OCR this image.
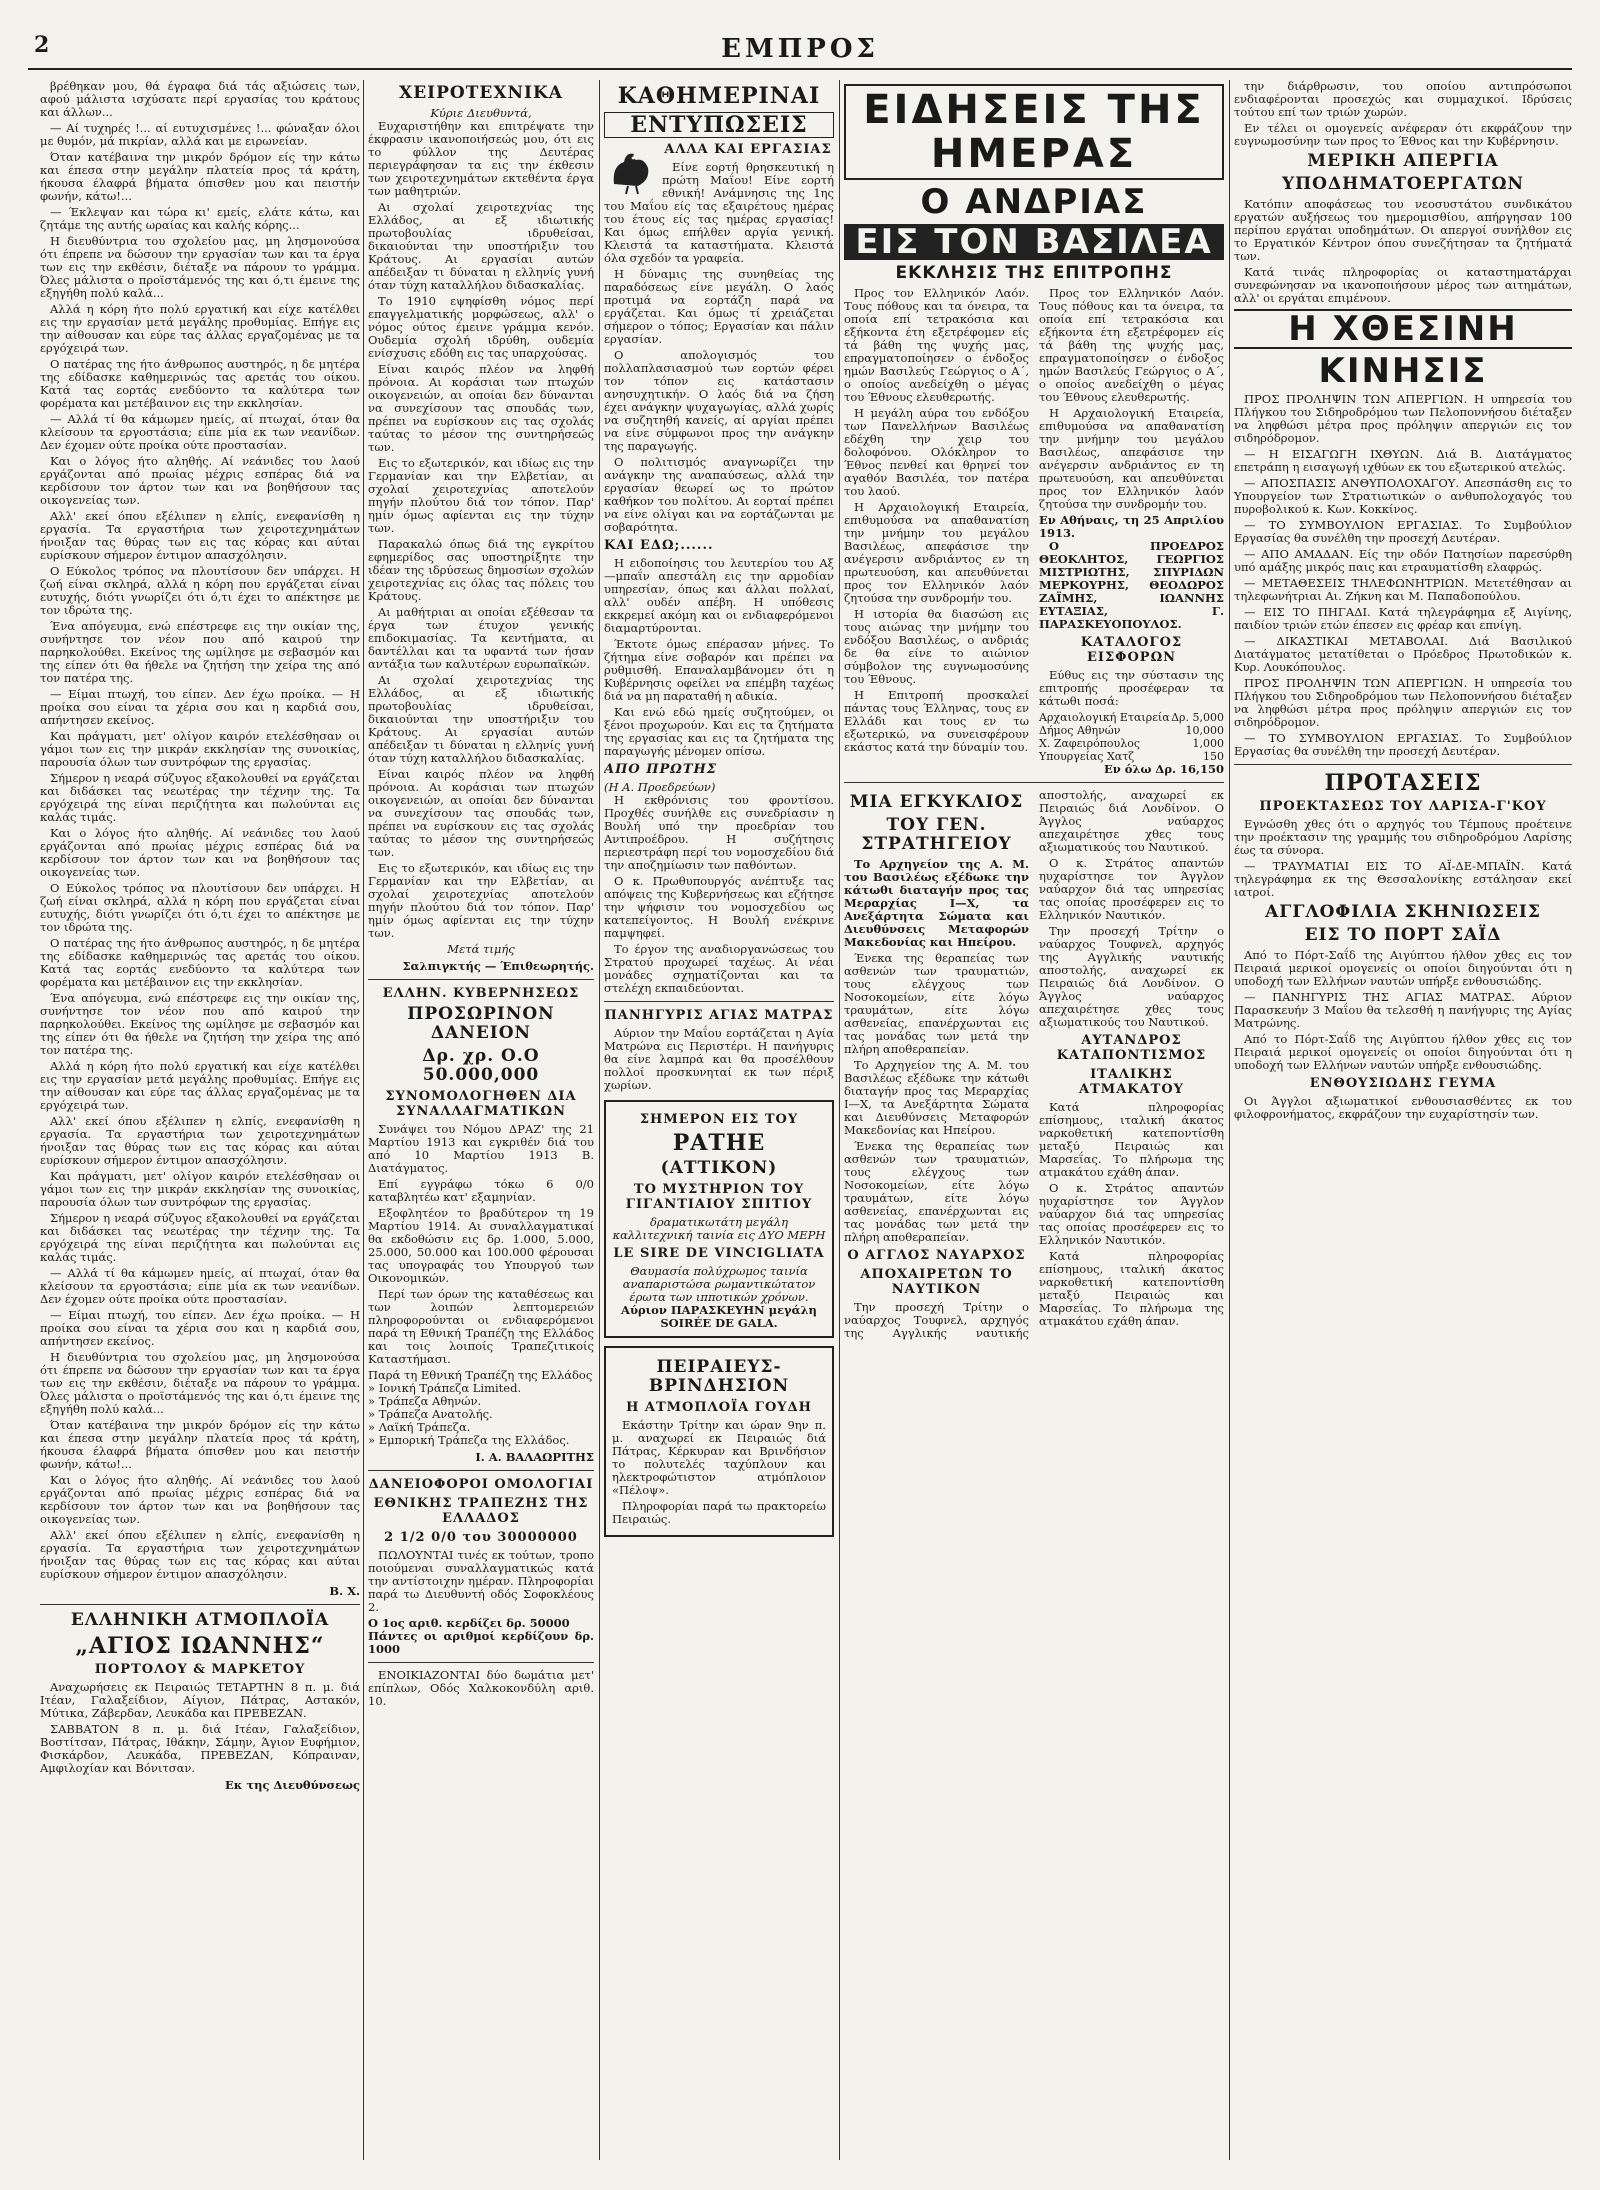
2	ΕΜΠΡΟΣ

βρέθηκαν μου, θά έγραφα διά τάς αξιώσεις των, αφού μάλιστα ισχύσατε περί εργασίας του κράτους και άλλων...

— Αί τυχηρές !... αί ευτυχισμένες !... φώναξαν όλοι με θυμόν, μά πικρίαν, αλλά και με ειρωνείαν.

Όταν κατέβαινα την μικρόν δρόμον είς την κάτω και έπεσα στην μεγάλην πλατεία προς τά κράτη, ήκουσα έλαφρά βήματα όπισθεν μου και πειστήν φωνήν, κάτω!...

— Έκλεψαν και τώρα κι' εμείς, ελάτε κάτω, και ζητάμε της αυτής ωραίας και καλής κόρης...

Η διευθύντρια του σχολείου μας, μη λησμονούσα ότι έπρεπε να δώσουν την εργασίαν των και τα έργα των εις την εκθέσιν, διέταξε να πάρουν το γράμμα. Όλες μάλιστα ο προϊστάμενός της και ό,τι έμεινε της εξηγήθη πολύ καλά...

Αλλά η κόρη ήτο πολύ εργατική και είχε κατέλθει εις την εργασίαν μετά μεγάλης προθυμίας. Επήγε εις την αίθουσαν και εύρε τας άλλας εργαζομένας με τα εργόχειρά των.

Ο πατέρας της ήτο άνθρωπος αυστηρός, η δε μητέρα της εδίδασκε καθημερινώς τας αρετάς του οίκου. Κατά τας εορτάς ενεδύοντο τα καλύτερα των φορέματα και μετέβαινον εις την εκκλησίαν.

— Αλλά τί θα κάμωμεν ημείς, αί πτωχαί, όταν θα κλείσουν τα εργοστάσια; είπε μία εκ των νεανίδων. Δεν έχομεν ούτε προίκα ούτε προστασίαν.

Και ο λόγος ήτο αληθής. Αί νεάνιδες του λαού εργάζονται από πρωίας μέχρις εσπέρας διά να κερδίσουν τον άρτον των και να βοηθήσουν τας οικογενείας των.

Αλλ' εκεί όπου εξέλιπεν η ελπίς, ενεφανίσθη η εργασία. Τα εργαστήρια των χειροτεχνημάτων ήνοιξαν τας θύρας των εις τας κόρας και αύται ευρίσκουν σήμερον έντιμον απασχόλησιν.

Ο Εύκολος τρόπος να πλουτίσουν δεν υπάρχει. Η ζωή είναι σκληρά, αλλά η κόρη που εργάζεται είναι ευτυχής, διότι γνωρίζει ότι ό,τι έχει το απέκτησε με τον ιδρώτα της.

Ένα απόγευμα, ενώ επέστρεφε εις την οικίαν της, συνήντησε τον νέον που από καιρού την παρηκολούθει. Εκείνος της ωμίλησε με σεβασμόν και της είπεν ότι θα ήθελε να ζητήση την χείρα της από τον πατέρα της.

— Είμαι πτωχή, του είπεν. Δεν έχω προίκα. — Η προίκα σου είναι τα χέρια σου και η καρδιά σου, απήντησεν εκείνος.

Και πράγματι, μετ' ολίγον καιρόν ετελέσθησαν οι γάμοι των εις την μικράν εκκλησίαν της συνοικίας, παρουσία όλων των συντρόφων της εργασίας.

Σήμερον η νεαρά σύζυγος εξακολουθεί να εργάζεται και διδάσκει τας νεωτέρας την τέχνην της. Τα εργόχειρά της είναι περιζήτητα και πωλούνται εις καλάς τιμάς.

Και ο λόγος ήτο αληθής. Αί νεάνιδες του λαού εργάζονται από πρωίας μέχρις εσπέρας διά να κερδίσουν τον άρτον των και να βοηθήσουν τας οικογενείας των.

Ο Εύκολος τρόπος να πλουτίσουν δεν υπάρχει. Η ζωή είναι σκληρά, αλλά η κόρη που εργάζεται είναι ευτυχής, διότι γνωρίζει ότι ό,τι έχει το απέκτησε με τον ιδρώτα της.

Ο πατέρας της ήτο άνθρωπος αυστηρός, η δε μητέρα της εδίδασκε καθημερινώς τας αρετάς του οίκου. Κατά τας εορτάς ενεδύοντο τα καλύτερα των φορέματα και μετέβαινον εις την εκκλησίαν.

Ένα απόγευμα, ενώ επέστρεφε εις την οικίαν της, συνήντησε τον νέον που από καιρού την παρηκολούθει. Εκείνος της ωμίλησε με σεβασμόν και της είπεν ότι θα ήθελε να ζητήση την χείρα της από τον πατέρα της.

Αλλά η κόρη ήτο πολύ εργατική και είχε κατέλθει εις την εργασίαν μετά μεγάλης προθυμίας. Επήγε εις την αίθουσαν και εύρε τας άλλας εργαζομένας με τα εργόχειρά των.

Αλλ' εκεί όπου εξέλιπεν η ελπίς, ενεφανίσθη η εργασία. Τα εργαστήρια των χειροτεχνημάτων ήνοιξαν τας θύρας των εις τας κόρας και αύται ευρίσκουν σήμερον έντιμον απασχόλησιν.

Και πράγματι, μετ' ολίγον καιρόν ετελέσθησαν οι γάμοι των εις την μικράν εκκλησίαν της συνοικίας, παρουσία όλων των συντρόφων της εργασίας.

Σήμερον η νεαρά σύζυγος εξακολουθεί να εργάζεται και διδάσκει τας νεωτέρας την τέχνην της. Τα εργόχειρά της είναι περιζήτητα και πωλούνται εις καλάς τιμάς.

— Αλλά τί θα κάμωμεν ημείς, αί πτωχαί, όταν θα κλείσουν τα εργοστάσια; είπε μία εκ των νεανίδων. Δεν έχομεν ούτε προίκα ούτε προστασίαν.

— Είμαι πτωχή, του είπεν. Δεν έχω προίκα. — Η προίκα σου είναι τα χέρια σου και η καρδιά σου, απήντησεν εκείνος.

Η διευθύντρια του σχολείου μας, μη λησμονούσα ότι έπρεπε να δώσουν την εργασίαν των και τα έργα των εις την εκθέσιν, διέταξε να πάρουν το γράμμα. Όλες μάλιστα ο προϊστάμενός της και ό,τι έμεινε της εξηγήθη πολύ καλά...

Όταν κατέβαινα την μικρόν δρόμον είς την κάτω και έπεσα στην μεγάλην πλατεία προς τά κράτη, ήκουσα έλαφρά βήματα όπισθεν μου και πειστήν φωνήν, κάτω!...

Και ο λόγος ήτο αληθής. Αί νεάνιδες του λαού εργάζονται από πρωίας μέχρις εσπέρας διά να κερδίσουν τον άρτον των και να βοηθήσουν τας οικογενείας των.

Αλλ' εκεί όπου εξέλιπεν η ελπίς, ενεφανίσθη η εργασία. Τα εργαστήρια των χειροτεχνημάτων ήνοιξαν τας θύρας των εις τας κόρας και αύται ευρίσκουν σήμερον έντιμον απασχόλησιν.

Β. Χ.
ΕΛΛΗΝΙΚΗ ΑΤΜΟΠΛΟΪΑ
„ΑΓΙΟΣ ΙΩΑΝΝΗΣ“
ΠΟΡΤΟΛΟΥ & ΜΑΡΚΕΤΟΥ

Αναχωρήσεις εκ Πειραιώς ΤΕΤΑΡΤΗΝ 8 π. μ. διά Ιτέαν, Γαλαξείδιον, Αίγιον, Πάτρας, Αστακόν, Μύτικα, Ζάβερδαν, Λευκάδα και ΠΡΕΒΕΖΑΝ.

ΣΑΒΒΑΤΟΝ 8 π. μ. διά Ιτέαν, Γαλαξείδιον, Βοστίτσαν, Πάτρας, Ιθάκην, Σάμην, Άγιον Ευφήμιον, Φισκάρδον, Λευκάδα, ΠΡΕΒΕΖΑΝ, Κόπραιναν, Αμφιλοχίαν και Βόνιτσαν.

Εκ της Διευθύνσεως
ΧΕΙΡΟΤΕΧΝΙΚΑ
Κύριε Διευθυντά,

Ευχαριστήθην και επιτρέψατε την έκφρασιν ικανοποιήσεώς μου, ότι εις το φύλλον της Δευτέρας περιεγράφησαν τα εις την έκθεσιν των χειροτεχνημάτων εκτεθέντα έργα των μαθητριών.

Αι σχολαί χειροτεχνίας της Ελλάδος, αι εξ ιδιωτικής πρωτοβουλίας ιδρυθείσαι, δικαιούνται την υποστήριξιν του Κράτους. Αι εργασίαι αυτών απέδειξαν τι δύναται η ελληνίς γυνή όταν τύχη καταλλήλου διδασκαλίας.

Το 1910 εψηφίσθη νόμος περί επαγγελματικής μορφώσεως, αλλ' ο νόμος ούτος έμεινε γράμμα κενόν. Ουδεμία σχολή ιδρύθη, ουδεμία ενίσχυσις εδόθη εις τας υπαρχούσας.

Είναι καιρός πλέον να ληφθή πρόνοια. Αι κοράσιαι των πτωχών οικογενειών, αι οποίαι δεν δύνανται να συνεχίσουν τας σπουδάς των, πρέπει να ευρίσκουν εις τας σχολάς ταύτας το μέσον της συντηρήσεώς των.

Εις το εξωτερικόν, και ιδίως εις την Γερμανίαν και την Ελβετίαν, αι σχολαί χειροτεχνίας αποτελούν πηγήν πλούτου διά τον τόπον. Παρ' ημίν όμως αφίενται εις την τύχην των.

Παρακαλώ όπως διά της εγκρίτου εφημερίδος σας υποστηρίξητε την ιδέαν της ιδρύσεως δημοσίων σχολών χειροτεχνίας εις όλας τας πόλεις του Κράτους.

Αι μαθήτριαι αι οποίαι εξέθεσαν τα έργα των έτυχον γενικής επιδοκιμασίας. Τα κεντήματα, αι δαντέλλαι και τα υφαντά των ήσαν αντάξια των καλυτέρων ευρωπαϊκών.

Αι σχολαί χειροτεχνίας της Ελλάδος, αι εξ ιδιωτικής πρωτοβουλίας ιδρυθείσαι, δικαιούνται την υποστήριξιν του Κράτους. Αι εργασίαι αυτών απέδειξαν τι δύναται η ελληνίς γυνή όταν τύχη καταλλήλου διδασκαλίας.

Είναι καιρός πλέον να ληφθή πρόνοια. Αι κοράσιαι των πτωχών οικογενειών, αι οποίαι δεν δύνανται να συνεχίσουν τας σπουδάς των, πρέπει να ευρίσκουν εις τας σχολάς ταύτας το μέσον της συντηρήσεώς των.

Εις το εξωτερικόν, και ιδίως εις την Γερμανίαν και την Ελβετίαν, αι σχολαί χειροτεχνίας αποτελούν πηγήν πλούτου διά τον τόπον. Παρ' ημίν όμως αφίενται εις την τύχην των.

Μετά τιμής
Σαλπιγκτής — Έπιθεωρητής.
ΕΛΛΗΝ. ΚΥΒΕΡΝΗΣΕΩΣ
ΠΡΟΣΩΡΙΝΟΝ ΔΑΝΕΙΟΝ
Δρ. χρ. Ο.Ο 50.000,000
ΣΥΝΟΜΟΛΟΓΗΘΕΝ ΔΙΑ ΣΥΝΑΛΛΑΓΜΑΤΙΚΩΝ

Συνάψει του Νόμου ΔΡΑΖ' της 21 Μαρτίου 1913 και εγκριθέν διά του από 10 Μαρτίου 1913 Β. Διατάγματος.

Επί εγγράφω τόκω 6 0/0 καταβλητέω κατ' εξαμηνίαν.

Εξοφλητέον το βραδύτερον τη 19 Μαρτίου 1914. Αι συναλλαγματικαί θα εκδοθώσιν εις δρ. 1.000, 5.000, 25.000, 50.000 και 100.000 φέρουσαι τας υπογραφάς του Υπουργού των Οικονομικών.

Περί των όρων της καταθέσεως και των λοιπών λεπτομερειών πληροφορούνται οι ενδιαφερόμενοι παρά τη Εθνική Τραπέζη της Ελλάδος και τοις λοιποίς Τραπεζιτικοίς Καταστήμασι.

Παρά τη Εθνική Τραπέζη της Ελλάδος
» Ιονική Τράπεζα Limited.
» Τράπεζα Αθηνών.
» Τράπεζα Ανατολής.
» Λαϊκή Τράπεζα.
» Εμπορική Τράπεζα της Ελλάδος.
Ι. Α. ΒΑΛΑΩΡΙΤΗΣ
ΔΑΝΕΙΟΦΟΡΟΙ ΟΜΟΛΟΓΙΑΙ
ΕΘΝΙΚΗΣ ΤΡΑΠΕΖΗΣ ΤΗΣ ΕΛΛΑΔΟΣ
2 1/2 0/0 του 30000000

ΠΩΛΟΥΝΤΑΙ τινές εκ τούτων, τροπο ποιούμεναι συναλλαγματικώς κατά την αντίστοιχην ημέραν. Πληροφορίαι παρά τω Διευθυντή οδός Σοφοκλέους 2.

Ο 1ος αριθ. κερδίζει δρ. 50000
Πάντες οι αριθμοί κερδίζουν δρ. 1000

ΕΝΟΙΚΙΑΖΟΝΤΑΙ δύο δωμάτια μετ' επίπλων, Οδός Χαλκοκονδύλη αριθ. 10.

ΚΑΘΗΜΕΡΙΝΑΙ
ΕΝΤΥΠΩΣΕΙΣ
ΑΛΛΑ ΚΑΙ ΕΡΓΑΣΙΑΣ

Είνε εορτή θρησκευτική η πρώτη Μαΐου! Είνε εορτή εθνική! Ανάμνησις της 1ης του Μαΐου είς τας εξαιρέτους ημέρας του έτους είς τας ημέρας εργασίας! Και όμως επήλθεν αργία γενική. Κλειστά τα καταστήματα. Κλειστά όλα σχεδόν τα γραφεία.

Η δύναμις της συνηθείας της παραδόσεως είνε μεγάλη. Ο λαός προτιμά να εορτάζη παρά να εργάζεται. Και όμως τί χρειάζεται σήμερον ο τόπος; Εργασίαν και πάλιν εργασίαν.

Ο απολογισμός του πολλαπλασιασμού των εορτών φέρει τον τόπον εις κατάστασιν ανησυχητικήν. Ο λαός διά να ζήση έχει ανάγκην ψυχαγωγίας, αλλά χωρίς να συζητηθή κανείς, αί αργίαι πρέπει να είνε σύμφωνοι προς την ανάγκην της παραγωγής.

Ο πολιτισμός αναγνωρίζει την ανάγκην της αναπαύσεως, αλλά την εργασίαν θεωρεί ως το πρώτον καθήκον του πολίτου. Αι εορταί πρέπει να είνε ολίγαι και να εορτάζωνται με σοβαρότητα.

ΚΑΙ ΕΔΩ;......

Η ειδοποίησις του λευτερίου του Αξ—μπαΐν απεστάλη εις την αρμοδίαν υπηρεσίαν, όπως και άλλαι πολλαί, αλλ' ουδέν απέβη. Η υπόθεσις εκκρεμεί ακόμη και οι ενδιαφερόμενοι διαμαρτύρονται.

Έκτοτε όμως επέρασαν μήνες. Το ζήτημα είνε σοβαρόν και πρέπει να ρυθμισθή. Επαναλαμβάνομεν ότι η Κυβέρνησις οφείλει να επέμβη ταχέως διά να μη παραταθή η αδικία.

Και ενώ εδώ ημείς συζητούμεν, οι ξένοι προχωρούν. Και εις τα ζητήματα της εργασίας και εις τα ζητήματα της παραγωγής μένομεν οπίσω.

ΑΠΟ ΠΡΩΤΗΣ
(Η Α. Προεδρεύων)

Η εκθρόνισις του φροντίσου. Προχθές συνήλθε εις συνεδρίασιν η Βουλή υπό την προεδρίαν του Αντιπροέδρου. Η συζήτησις περιεστράφη περί του νομοσχεδίου διά την αποζημίωσιν των παθόντων.

Ο κ. Πρωθυπουργός ανέπτυξε τας απόψεις της Κυβερνήσεως και εζήτησε την ψήφισιν του νομοσχεδίου ως κατεπείγοντος. Η Βουλή ενέκρινε παμψηφεί.

Το έργον της αναδιοργανώσεως του Στρατού προχωρεί ταχέως. Αι νέαι μονάδες σχηματίζονται και τα στελέχη εκπαιδεύονται.

ΠΑΝΗΓΥΡΙΣ ΑΓΙΑΣ ΜΑΤΡΑΣ

Αύριον την Μαΐου εορτάζεται η Αγία Ματρώνα εις Περιστέρι. Η πανήγυρις θα είνε λαμπρά και θα προσέλθουν πολλοί προσκυνηταί εκ των πέριξ χωρίων.

ΣΗΜΕΡΟΝ ΕΙΣ ΤΟΥ
ΡΑΤΗΕ
(ΑΤΤΙΚΟΝ)
ΤΟ ΜΥΣΤΗΡΙΟΝ ΤΟΥ ΓΙΓΑΝΤΙΑΙΟΥ ΣΠΙΤΙΟΥ
δραματικωτάτη μεγάλη καλλιτεχνική ταινία εις ΔΥΟ ΜΕΡΗ
LE SIRE DE VINCIGLIATA
Θαυμασία πολύχρωμος ταινία αναπαριστώσα ρωμαντικώτατον έρωτα των ιπποτικών χρόνων.
Αύριον ΠΑΡΑΣΚΕΥΗΝ μεγάλη SOIRÉE DE GALA.
ΠΕΙΡΑΙΕΥΣ-ΒΡΙΝΔΗΣΙΟΝ
Η ΑΤΜΟΠΛΟΪΑ ΓΟΥΔΗ

Εκάστην Τρίτην και ώραν 9ην π. μ. αναχωρεί εκ Πειραιώς διά Πάτρας, Κέρκυραν και Βρινδήσιον το πολυτελές ταχύπλουν και ηλεκτροφώτιστον ατμόπλοιον «Πέλοψ».

Πληροφορίαι παρά τω πρακτορείω Πειραιώς.

ΕΙΔΗΣΕΙΣ ΤΗΣ ΗΜΕΡΑΣ
Ο ΑΝΔΡΙΑΣ
ΕΙΣ ΤΟΝ ΒΑΣΙΛΕΑ
ΕΚΚΛΗΣΙΣ ΤΗΣ ΕΠΙΤΡΟΠΗΣ

Προς τον Ελληνικόν Λαόν. Τους πόθους και τα όνειρα, τα οποία επί τετρακόσια και εξήκοντα έτη εξετρέφομεν είς τά βάθη της ψυχής μας, επραγματοποίησεν ο ένδοξος ημών Βασιλεύς Γεώργιος ο Α΄, ο οποίος ανεδείχθη ο μέγας του Έθνους ελευθερωτής.

Η μεγάλη αύρα του ενδόξου των Πανελλήνων Βασιλέως εδέχθη την χειρ του δολοφόνου. Ολόκληρον το Έθνος πενθεί και θρηνεί τον αγαθόν Βασιλέα, τον πατέρα του λαού.

Η Αρχαιολογική Εταιρεία, επιθυμούσα να απαθανατίση την μνήμην του μεγάλου Βασιλέως, απεφάσισε την ανέγερσιν ανδριάντος εν τη πρωτευούση, και απευθύνεται προς τον Ελληνικόν λαόν ζητούσα την συνδρομήν του.

Η ιστορία θα διασώση εις τους αιώνας την μνήμην του ενδόξου Βασιλέως, ο ανδριάς δε θα είνε το αιώνιον σύμβολον της ευγνωμοσύνης του Έθνους.

Η Επιτροπή προσκαλεί πάντας τους Έλληνας, τους εν Ελλάδι και τους εν τω εξωτερικώ, να συνεισφέρουν εκάστος κατά την δύναμίν του.

Προς τον Ελληνικόν Λαόν. Τους πόθους και τα όνειρα, τα οποία επί τετρακόσια και εξήκοντα έτη εξετρέφομεν είς τά βάθη της ψυχής μας, επραγματοποίησεν ο ένδοξος ημών Βασιλεύς Γεώργιος ο Α΄, ο οποίος ανεδείχθη ο μέγας του Έθνους ελευθερωτής.

Η Αρχαιολογική Εταιρεία, επιθυμούσα να απαθανατίση την μνήμην του μεγάλου Βασιλέως, απεφάσισε την ανέγερσιν ανδριάντος εν τη πρωτευούση, και απευθύνεται προς τον Ελληνικόν λαόν ζητούσα την συνδρομήν του.

Εν Αθήναις, τη 25 Απριλίου 1913.

Ο ΠΡΟΕΔΡΟΣ ΘΕΟΚΛΗΤΟΣ, ΓΕΩΡΓΙΟΣ ΜΙΣΤΡΙΩΤΗΣ, ΣΠΥΡΙΔΩΝ ΜΕΡΚΟΥΡΗΣ, ΘΕΟΔΩΡΟΣ ΖΑΪΜΗΣ, ΙΩΑΝΝΗΣ ΕΥΤΑΞΙΑΣ, Γ. ΠΑΡΑΣΚΕΥΟΠΟΥΛΟΣ.

ΚΑΤΑΛΟΓΟΣ ΕΙΣΦΟΡΩΝ

Εύθυς εις την σύστασιν της επιτροπής προσέφεραν τα κάτωθι ποσά:

Αρχαιολογική Εταιρεία Δρ. 5,000
Δήμος Αθηνών	10,000
Χ. Ζαφειρόπουλος	1,000
Υπουργείας Χατζ	150
Εν όλω Δρ. 16,150
ΜΙΑ ΕΓΚΥΚΛΙΟΣ
ΤΟΥ ΓΕΝ. ΣΤΡΑΤΗΓΕΙΟΥ

Το Αρχηγείον της Α. Μ. του Βασιλέως εξέδωκε την κάτωθι διαταγήν προς τας Μεραρχίας Ι—Χ, τα Ανεξάρτητα Σώματα και Διευθύνσεις Μεταφορών Μακεδονίας και Ηπείρου.

Ένεκα της θεραπείας των ασθενών των τραυματιών, τους ελέγχους των Νοσοκομείων, είτε λόγω τραυμάτων, είτε λόγω ασθενείας, επανέρχωνται εις τας μονάδας των μετά την πλήρη αποθεραπείαν.

Το Αρχηγείον της Α. Μ. του Βασιλέως εξέδωκε την κάτωθι διαταγήν προς τας Μεραρχίας Ι—Χ, τα Ανεξάρτητα Σώματα και Διευθύνσεις Μεταφορών Μακεδονίας και Ηπείρου.

Ένεκα της θεραπείας των ασθενών των τραυματιών, τους ελέγχους των Νοσοκομείων, είτε λόγω τραυμάτων, είτε λόγω ασθενείας, επανέρχωνται εις τας μονάδας των μετά την πλήρη αποθεραπείαν.

Ο ΑΓΓΛΟΣ ΝΑΥΑΡΧΟΣ
ΑΠΟΧΑΙΡΕΤΩΝ ΤΟ ΝΑΥΤΙΚΟΝ

Την προσεχή Τρίτην ο ναύαρχος Τουφνελ, αρχηγός της Αγγλικής ναυτικής αποστολής, αναχωρεί εκ Πειραιώς διά Λονδίνον. Ο Άγγλος ναύαρχος απεχαιρέτησε χθες τους αξιωματικούς του Ναυτικού.

Ο κ. Στράτος απαντών ηυχαρίστησε τον Άγγλον ναύαρχον διά τας υπηρεσίας τας οποίας προσέφερεν εις το Ελληνικόν Ναυτικόν.

Την προσεχή Τρίτην ο ναύαρχος Τουφνελ, αρχηγός της Αγγλικής ναυτικής αποστολής, αναχωρεί εκ Πειραιώς διά Λονδίνον. Ο Άγγλος ναύαρχος απεχαιρέτησε χθες τους αξιωματικούς του Ναυτικού.

ΑΥΤΑΝΔΡΟΣ ΚΑΤΑΠΟΝΤΙΣΜΟΣ
ΙΤΑΛΙΚΗΣ ΑΤΜΑΚΑΤΟΥ

Κατά πληροφορίας επίσημους, ιταλική άκατος ναρκοθετική κατεποντίσθη μεταξύ Πειραιώς και Μαρσεΐας. Το πλήρωμα της ατμακάτου εχάθη άπαν.

Ο κ. Στράτος απαντών ηυχαρίστησε τον Άγγλον ναύαρχον διά τας υπηρεσίας τας οποίας προσέφερεν εις το Ελληνικόν Ναυτικόν.

Κατά πληροφορίας επίσημους, ιταλική άκατος ναρκοθετική κατεποντίσθη μεταξύ Πειραιώς και Μαρσεΐας. Το πλήρωμα της ατμακάτου εχάθη άπαν.

την διάρθρωσιν, του οποίου αντιπρόσωποι ενδιαφέρονται προσεχώς και συμμαχικοί. Ιδρύσεις τούτου επί των τριών χωρών.

Εν τέλει οι ομογενείς ανέφεραν ότι εκφράζουν την ευγνωμοσύνην των προς το Έθνος και την Κυβέρνησιν.

ΜΕΡΙΚΗ ΑΠΕΡΓΙΑ
ΥΠΟΔΗΜΑΤΟΕΡΓΑΤΩΝ

Κατόπιν αποφάσεως του νεοσυστάτου συνδικάτου εργατών αυξήσεως του ημερομισθίου, απήργησαν 100 περίπου εργάται υποδημάτων. Οι απεργοί συνήλθον εις το Εργατικόν Κέντρον όπου συνεζήτησαν τα ζητήματά των.

Κατά τινάς πληροφορίας οι καταστηματάρχαι συνεφώνησαν να ικανοποιήσουν μέρος των αιτημάτων, αλλ' οι εργάται επιμένουν.

Η ΧΘΕΣΙΝΗ
ΚΙΝΗΣΙΣ

ΠΡΟΣ ΠΡΟΛΗΨΙΝ ΤΩΝ ΑΠΕΡΓΙΩΝ. Η υπηρεσία του Πλήγκου του Σιδηροδρόμου των Πελοποννήσου διέταξεν να ληφθώσι μέτρα προς πρόληψιν απεργιών εις τον σιδηρόδρομον.

— Η ΕΙΣΑΓΩΓΗ ΙΧΘΥΩΝ. Διά Β. Διατάγματος επετράπη η εισαγωγή ιχθύων εκ του εξωτερικού ατελώς.

— ΑΠΟΣΠΑΣΙΣ ΑΝΘΥΠΟΛΟΧΑΓΟΥ. Απεσπάσθη εις το Υπουργείον των Στρατιωτικών ο ανθυπολοχαγός του πυροβολικού κ. Κων. Κοκκίνος.

— ΤΟ ΣΥΜΒΟΥΛΙΟΝ ΕΡΓΑΣΙΑΣ. Το Συμβούλιον Εργασίας θα συνέλθη την προσεχή Δευτέραν.

— ΑΠΟ ΑΜΑΔΑΝ. Είς την οδόν Πατησίων παρεσύρθη υπό αμάξης μικρός παις και ετραυματίσθη ελαφρώς.

— ΜΕΤΑΘΕΣΕΙΣ ΤΗΛΕΦΩΝΗΤΡΙΩΝ. Μετετέθησαν αι τηλεφωνήτριαι Αι. Ζήκνη και Μ. Παπαδοπούλου.

— ΕΙΣ ΤΟ ΠΗΓΑΔΙ. Κατά τηλεγράφημα εξ Αιγίνης, παιδίον τριών ετών έπεσεν εις φρέαρ και επνίγη.

— ΔΙΚΑΣΤΙΚΑΙ ΜΕΤΑΒΟΛΑΙ. Διά Βασιλικού Διατάγματος μετατίθεται ο Πρόεδρος Πρωτοδικών κ. Κυρ. Λουκόπουλος.

ΠΡΟΣ ΠΡΟΛΗΨΙΝ ΤΩΝ ΑΠΕΡΓΙΩΝ. Η υπηρεσία του Πλήγκου του Σιδηροδρόμου των Πελοποννήσου διέταξεν να ληφθώσι μέτρα προς πρόληψιν απεργιών εις τον σιδηρόδρομον.

— ΤΟ ΣΥΜΒΟΥΛΙΟΝ ΕΡΓΑΣΙΑΣ. Το Συμβούλιον Εργασίας θα συνέλθη την προσεχή Δευτέραν.

ΠΡΟΤΑΣΕΙΣ
ΠΡΟΕΚΤΑΣΕΩΣ ΤΟΥ ΛΑΡΙΣΑ-Γ'ΚΟΥ

Εγνώσθη χθες ότι ο αρχηγός του Τέμπους προέτεινε την προέκτασιν της γραμμής του σιδηροδρόμου Λαρίσης έως τα σύνορα.

— ΤΡΑΥΜΑΤΙΑΙ ΕΙΣ ΤΟ ΑΪ-ΔΕ-ΜΠΑΪΝ. Κατά τηλεγράφημα εκ της Θεσσαλονίκης εστάλησαν εκεί ιατροί.

ΑΓΓΛΟΦΙΛΙΑ ΣΚΗΝΙΩΣΕΙΣ
ΕΙΣ ΤΟ ΠΟΡΤ ΣΑΪΔ

Από το Πόρτ-Σαΐδ της Αιγύπτου ήλθον χθες εις τον Πειραιά μερικοί ομογενείς οι οποίοι διηγούνται ότι η υποδοχή των Ελλήνων ναυτών υπήρξε ενθουσιώδης.

— ΠΑΝΗΓΥΡΙΣ ΤΗΣ ΑΓΙΑΣ ΜΑΤΡΑΣ. Αύριον Παρασκευήν 3 Μαΐου θα τελεσθή η πανήγυρις της Αγίας Ματρώνης.

Από το Πόρτ-Σαΐδ της Αιγύπτου ήλθον χθες εις τον Πειραιά μερικοί ομογενείς οι οποίοι διηγούνται ότι η υποδοχή των Ελλήνων ναυτών υπήρξε ενθουσιώδης.

ΕΝΘΟΥΣΙΩΔΗΣ ΓΕΥΜΑ

Οι Άγγλοι αξιωματικοί ενθουσιασθέντες εκ του φιλοφρονήματος, εκφράζουν την ευχαρίστησίν των.
